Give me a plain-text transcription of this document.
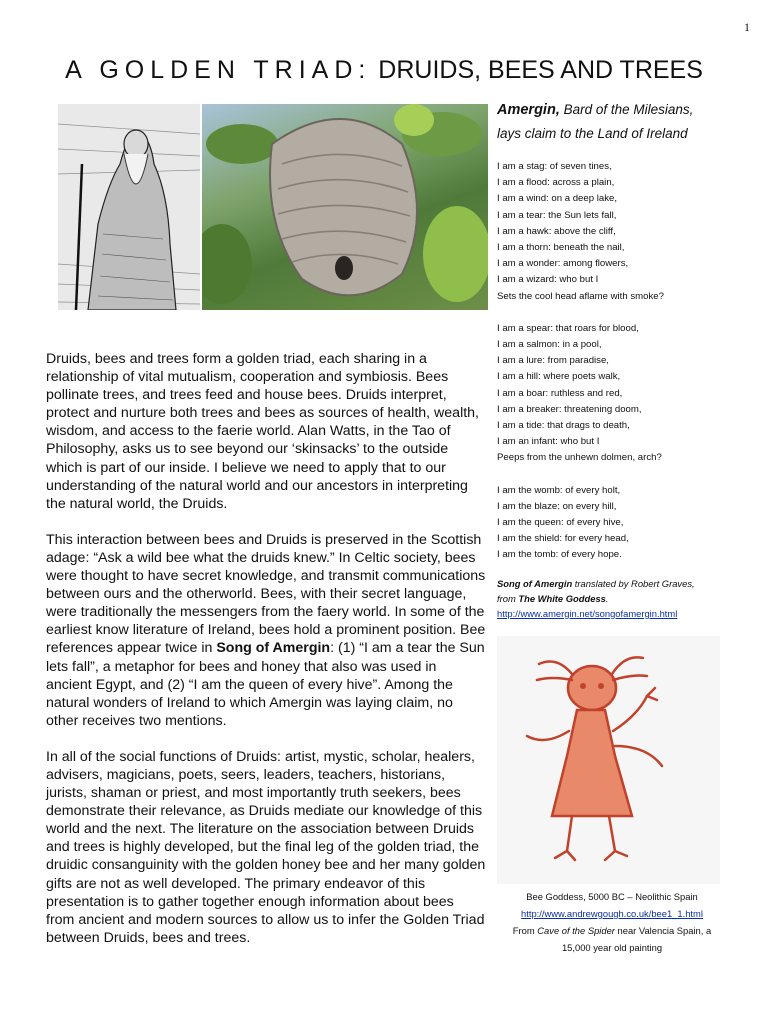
1
A GOLDEN TRIAD: DRUIDS, BEES AND TREES

Druids, bees and trees form a golden triad, each sharing in a relationship of vital mutualism, cooperation and symbiosis. Bees pollinate trees, and trees feed and house bees. Druids interpret, protect and nurture both trees and bees as sources of health, wealth, wisdom, and access to the faerie world. Alan Watts, in the Tao of Philosophy, asks us to see beyond our ‘skinsacks’ to the outside which is part of our inside. I believe we need to apply that to our understanding of the natural world and our ancestors in interpreting the natural world, the Druids.

This interaction between bees and Druids is preserved in the Scottish adage: “Ask a wild bee what the druids knew.” In Celtic society, bees were thought to have secret knowledge, and transmit communications between ours and the otherworld. Bees, with their secret language, were traditionally the messengers from the faery world. In some of the earliest know literature of Ireland, bees hold a prominent position. Bee references appear twice in Song of Amergin: (1) “I am a tear the Sun lets fall”, a metaphor for bees and honey that also was used in ancient Egypt, and (2) “I am the queen of every hive”. Among the natural wonders of Ireland to which Amergin was laying claim, no other receives two mentions.

In all of the social functions of Druids: artist, mystic, scholar, healers, advisers, magicians, poets, seers, leaders, teachers, historians, jurists, shaman or priest, and most importantly truth seekers, bees demonstrate their relevance, as Druids mediate our knowledge of this world and the next. The literature on the association between Druids and trees is highly developed, but the final leg of the golden triad, the druidic consanguinity with the golden honey bee and her many golden gifts are not as well developed. The primary endeavor of this presentation is to gather together enough information about bees from ancient and modern sources to allow us to infer the Golden Triad between Druids, bees and trees.

Amergin, Bard of the Milesians,
lays claim to the Land of Ireland

I am a stag: of seven tines,
I am a flood: across a plain,
I am a wind: on a deep lake,
I am a tear: the Sun lets fall,
I am a hawk: above the cliff,
I am a thorn: beneath the nail,
I am a wonder: among flowers,
I am a wizard: who but I
Sets the cool head aflame with smoke?
I am a spear: that roars for blood,
I am a salmon: in a pool,
I am a lure: from paradise,
I am a hill: where poets walk,
I am a boar: ruthless and red,
I am a breaker: threatening doom,
I am a tide: that drags to death,
I am an infant: who but I
Peeps from the unhewn dolmen, arch?
I am the womb: of every holt,
I am the blaze: on every hill,
I am the queen: of every hive,
I am the shield: for every head,
I am the tomb: of every hope.
Song of Amergin translated by Robert Graves,
from The White Goddess.
http://www.amergin.net/songofamergin.html
Bee Goddess, 5000 BC – Neolithic Spain
http://www.andrewgough.co.uk/bee1_1.html
From Cave of the Spider near Valencia Spain, a
15,000 year old painting
